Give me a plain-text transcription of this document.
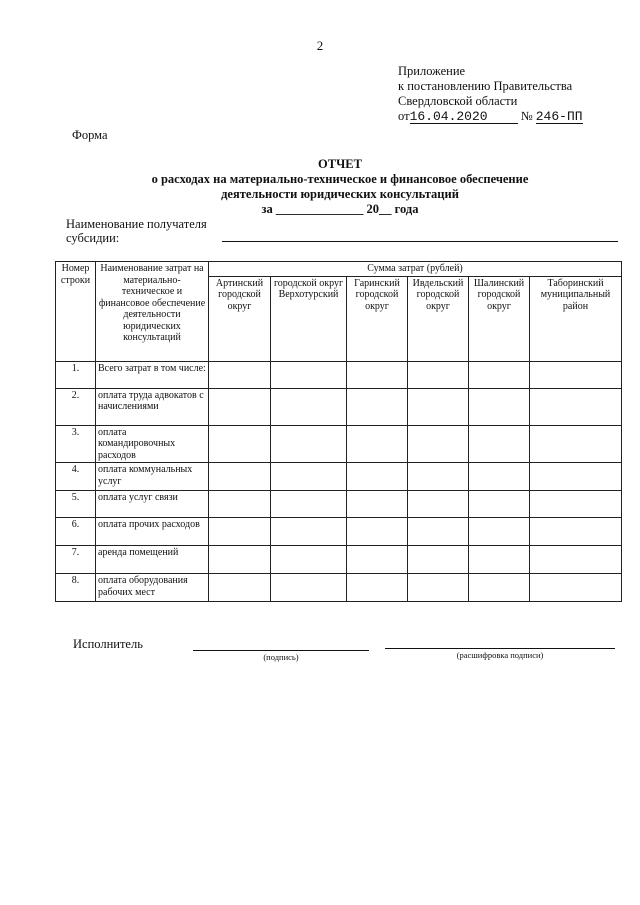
2
Приложение
к постановлению Правительства
Свердловской области
от16.04.2020	№ 246-ПП
Форма
ОТЧЕТ
о расходах на материально-техническое и финансовое обеспечение
деятельности юридических консультаций
за ______________ 20__ года
Наименование получателя
субсидии:
Номер строки	Наименование затрат на материально-техническое и финансовое обеспечение деятельности юридических консультаций	Сумма затрат (рублей)					
		Артинский городской округ	городской округ Верхотурский	Гаринский городской округ	Ивдельский городской округ	Шалинский городской округ	Таборинский муниципальный район
1.	Всего затрат в том числе:						
2.	оплата труда адвокатов с начислениями						
3.	оплата командировочных расходов						
4.	оплата коммунальных услуг						
5.	оплата услуг связи						
6.	оплата прочих расходов						
7.	аренда помещений						
8.	оплата оборудования рабочих мест						
Исполнитель
(подпись)	(расшифровка подписи)
